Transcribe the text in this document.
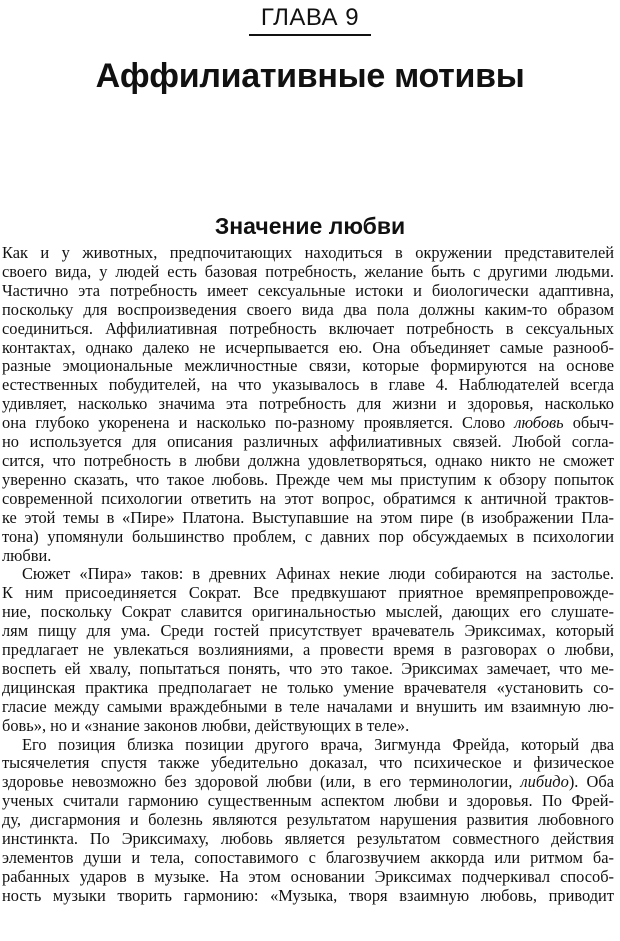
ГЛАВА 9
Аффилиативные мотивы
Значение любви

Как и у животных, предпочитающих находиться в окружении представителей
своего вида, у людей есть базовая потребность, желание быть с другими людьми.
Частично эта потребность имеет сексуальные истоки и биологически адаптивна,
поскольку для воспроизведения своего вида два пола должны каким-то образом
соединиться. Аффилиативная потребность включает потребность в сексуальных
контактах, однако далеко не исчерпывается ею. Она объединяет самые разнооб-
разные эмоциональные межличностные связи, которые формируются на основе
естественных побудителей, на что указывалось в главе 4. Наблюдателей всегда
удивляет, насколько значима эта потребность для жизни и здоровья, насколько
она глубоко укоренена и насколько по-разному проявляется. Слово любовь обыч-
но используется для описания различных аффилиативных связей. Любой согла-
сится, что потребность в любви должна удовлетворяться, однако никто не сможет
уверенно сказать, что такое любовь. Прежде чем мы приступим к обзору попыток
современной психологии ответить на этот вопрос, обратимся к античной трактов-
ке этой темы в «Пире» Платона. Выступавшие на этом пире (в изображении Пла-
тона) упомянули большинство проблем, с давних пор обсуждаемых в психологии
любви.

Сюжет «Пира» таков: в древних Афинах некие люди собираются на застолье.
К ним присоединяется Сократ. Все предвкушают приятное времяпрепровожде-
ние, поскольку Сократ славится оригинальностью мыслей, дающих его слушате-
лям пищу для ума. Среди гостей присутствует врачеватель Эриксимах, который
предлагает не увлекаться возлияниями, а провести время в разговорах о любви,
воспеть ей хвалу, попытаться понять, что это такое. Эриксимах замечает, что ме-
дицинская практика предполагает не только умение врачевателя «установить со-
гласие между самыми враждебными в теле началами и внушить им взаимную лю-
бовь», но и «знание законов любви, действующих в теле».

Его позиция близка позиции другого врача, Зигмунда Фрейда, который два
тысячелетия спустя также убедительно доказал, что психическое и физическое
здоровье невозможно без здоровой любви (или, в его терминологии, либидо). Оба
ученых считали гармонию существенным аспектом любви и здоровья. По Фрей-
ду, дисгармония и болезнь являются результатом нарушения развития любовного
инстинкта. По Эриксимаху, любовь является результатом совместного действия
элементов души и тела, сопоставимого с благозвучием аккорда или ритмом ба-
рабанных ударов в музыке. На этом основании Эриксимах подчеркивал способ-
ность музыки творить гармонию: «Музыка, творя взаимную любовь, приводит
